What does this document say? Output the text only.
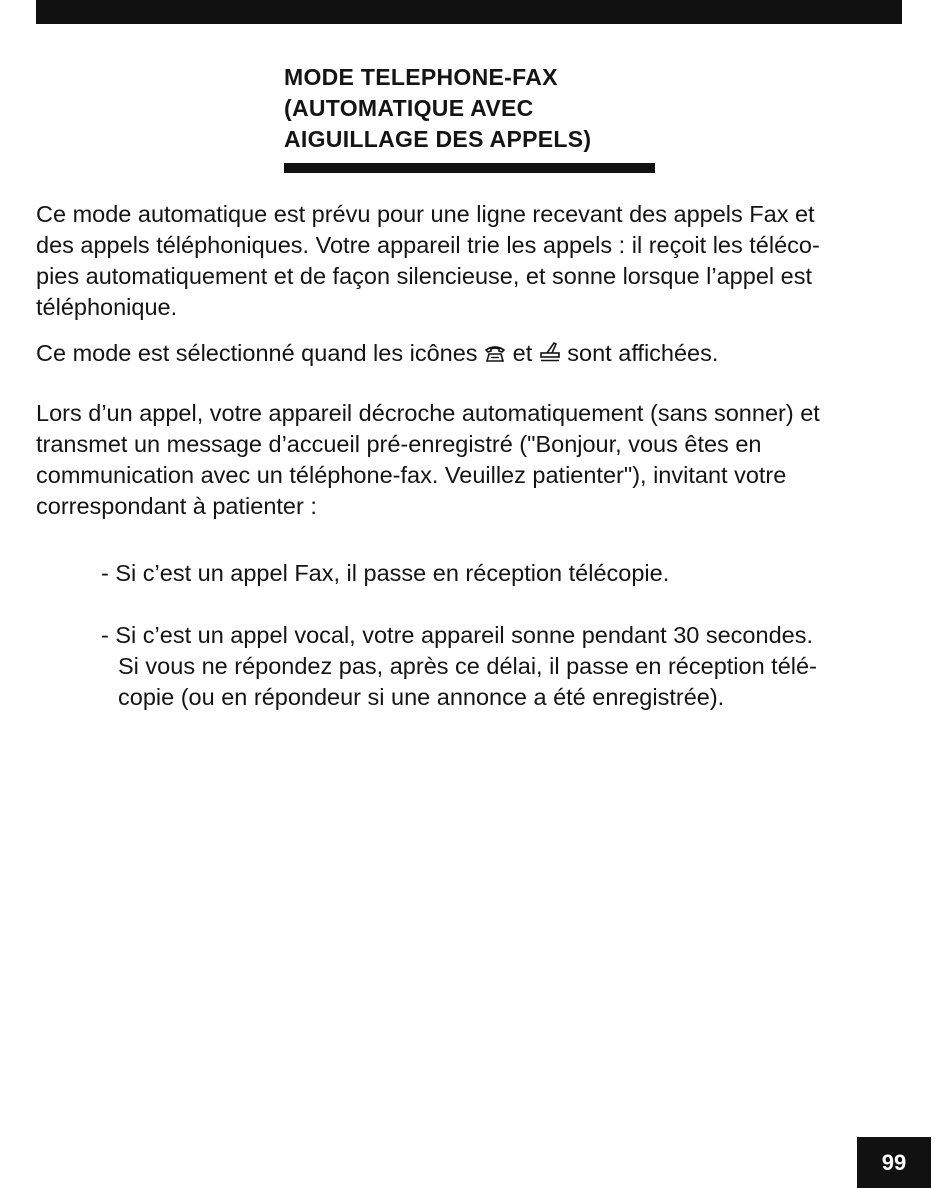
MODE TELEPHONE-FAX
(AUTOMATIQUE AVEC
AIGUILLAGE DES APPELS)
Ce mode automatique est prévu pour une ligne recevant des appels Fax et
des appels téléphoniques. Votre appareil trie les appels : il reçoit les téléco-
pies automatiquement et de façon silencieuse, et sonne lorsque l’appel est
téléphonique.
Ce mode est sélectionné quand les icônes  et  sont affichées.
Lors d’un appel, votre appareil décroche automatiquement (sans sonner) et
transmet un message d’accueil pré-enregistré ("Bonjour, vous êtes en
communication avec un téléphone-fax. Veuillez patienter"), invitant votre
correspondant à patienter :
- Si c’est un appel Fax, il passe en réception télécopie.
- Si c’est un appel vocal, votre appareil sonne pendant 30 secondes.
Si vous ne répondez pas, après ce délai, il passe en réception télé-
copie (ou en répondeur si une annonce a été enregistrée).
99
